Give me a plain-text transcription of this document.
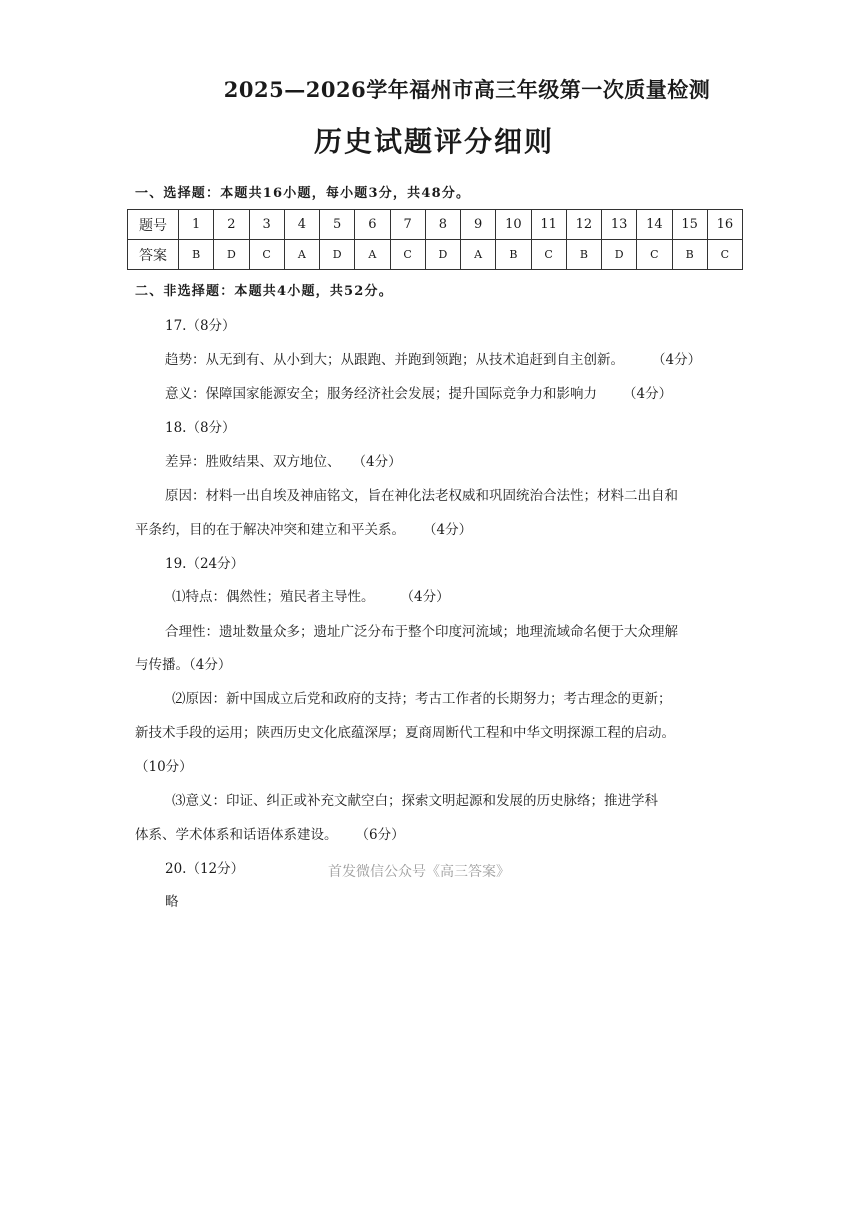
2025—2026学年福州市高三年级第一次质量检测
历史试题评分细则
一、选择题：本题共16小题，每小题3分，共48分。
题号	1	2	3	4	5	6	7	8	9	10	11	12	13	14	15	16
答案	B	D	C	A	D	A	C	D	A	B	C	B	D	C	B	C
二、非选择题：本题共4小题，共52分。
17.（8分）
趋势：从无到有、从小到大；从跟跑、并跑到领跑；从技术追赶到自主创新。 （4分）
意义：保障国家能源安全；服务经济社会发展；提升国际竞争力和影响力 （4分）
18.（8分）
差异：胜败结果、双方地位、 （4分）
原因：材料一出自埃及神庙铭文，旨在神化法老权威和巩固统治合法性；材料二出自和
平条约，目的在于解决冲突和建立和平关系。 （4分）
19.（24分）
⑴特点：偶然性；殖民者主导性。 （4分）
合理性：遗址数量众多；遗址广泛分布于整个印度河流域；地理流域命名便于大众理解
与传播。（4分）
⑵原因：新中国成立后党和政府的支持；考古工作者的长期努力；考古理念的更新；
新技术手段的运用；陕西历史文化底蕴深厚；夏商周断代工程和中华文明探源工程的启动。
（10分）
⑶意义：印证、纠正或补充文献空白；探索文明起源和发展的历史脉络；推进学科
体系、学术体系和话语体系建设。 （6分）
20.（12分）	首发微信公众号《高三答案》
略
